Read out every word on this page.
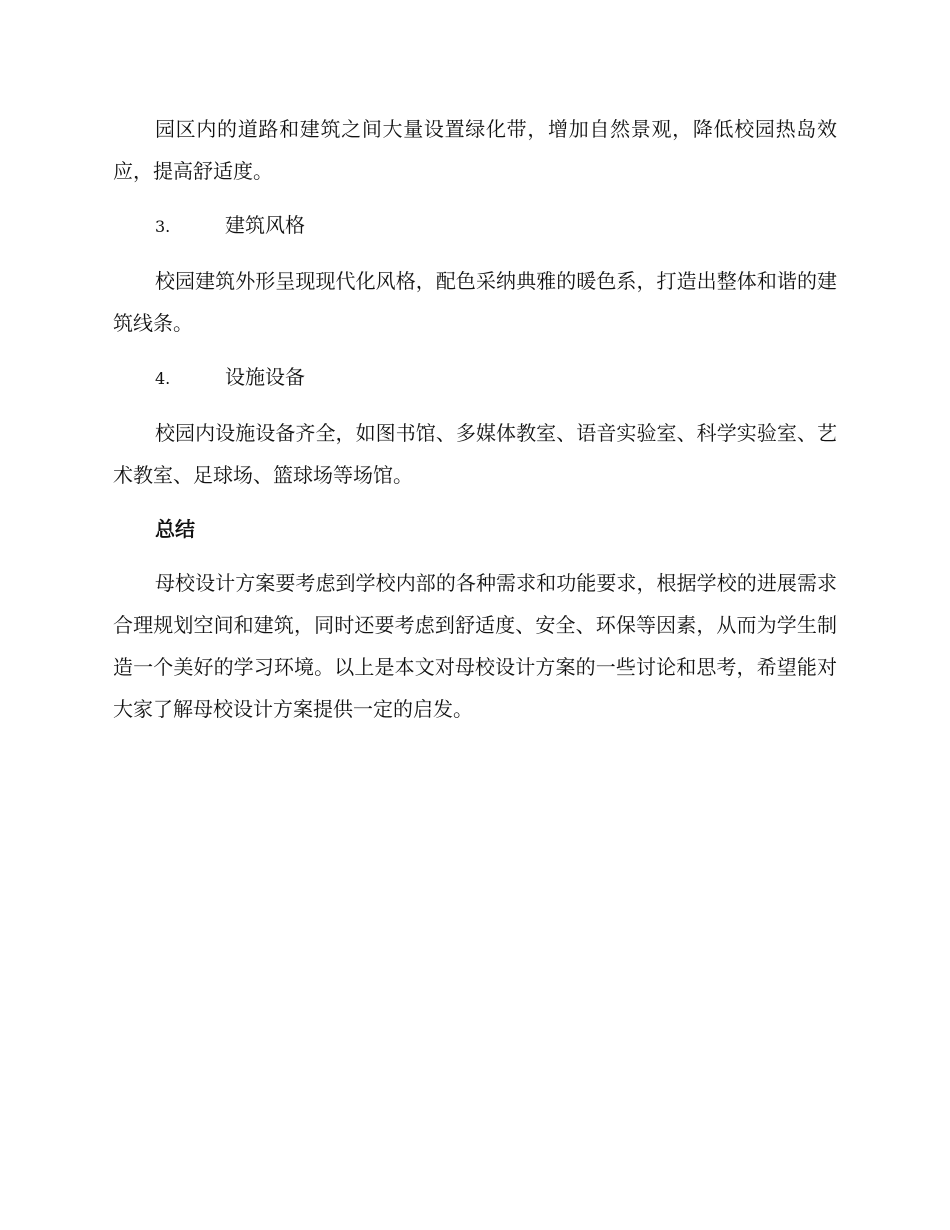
园区内的道路和建筑之间大量设置绿化带，增加自然景观，降低校园热岛效应，提高舒适度。

3.	建筑风格

校园建筑外形呈现现代化风格，配色采纳典雅的暖色系，打造出整体和谐的建筑线条。

4.	设施设备

校园内设施设备齐全，如图书馆、多媒体教室、语音实验室、科学实验室、艺术教室、足球场、篮球场等场馆。

总结

母校设计方案要考虑到学校内部的各种需求和功能要求，根据学校的进展需求合理规划空间和建筑，同时还要考虑到舒适度、安全、环保等因素，从而为学生制造一个美好的学习环境。以上是本文对母校设计方案的一些讨论和思考，希望能对大家了解母校设计方案提供一定的启发。
